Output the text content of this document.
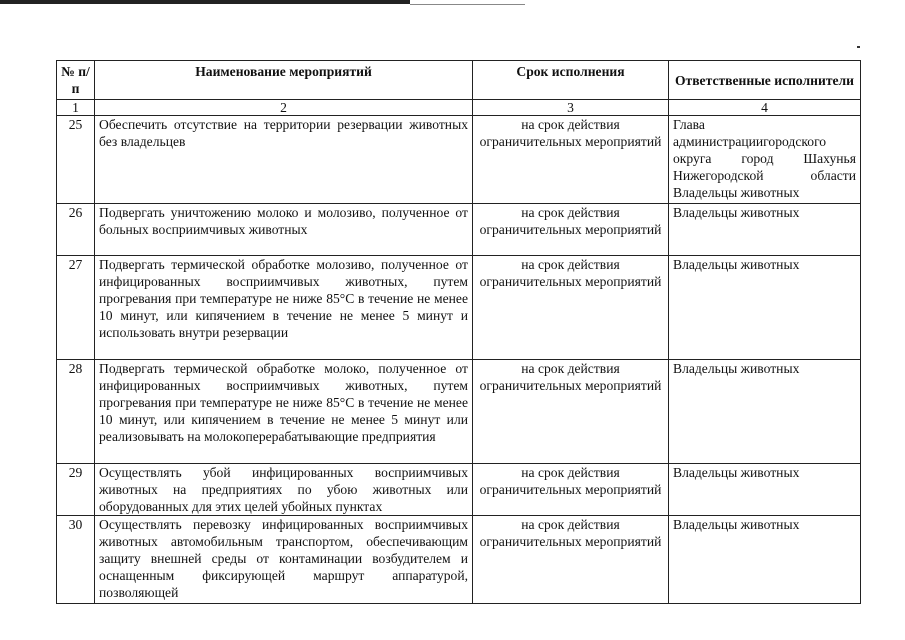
№ п/п	Наименование мероприятий	Срок исполнения	Ответственные исполнители
1	2	3	4
25	Обеспечить отсутствие на территории резервации животных без владельцев	на срок действия ограничительных мероприятий	Глава администрациигородского округа город Шахунья Нижегородской области Владельцы животных
26	Подвергать уничтожению молоко и молозиво, полученное от больных восприимчивых животных	на срок действия ограничительных мероприятий	Владельцы животных
27	Подвергать термической обработке молозиво, полученное от инфицированных восприимчивых животных, путем прогревания при температуре не ниже 85°С в течение не менее 10 минут, или кипячением в течение не менее 5 минут и использовать внутри резервации	на срок действия ограничительных мероприятий	Владельцы животных
28	Подвергать термической обработке молоко, полученное от инфицированных восприимчивых животных, путем прогревания при температуре не ниже 85°С в течение не менее 10 минут, или кипячением в течение не менее 5 минут или реализовывать на молокоперерабатывающие предприятия	на срок действия ограничительных мероприятий	Владельцы животных
29	Осуществлять убой инфицированных восприимчивых животных на предприятиях по убою животных или оборудованных для этих целей убойных пунктах	на срок действия ограничительных мероприятий	Владельцы животных
30	Осуществлять перевозку инфицированных восприимчивых животных автомобильным транспортом, обеспечивающим защиту внешней среды от контаминации возбудителем и оснащенным фиксирующей маршрут аппаратурой, позволяющей	на срок действия ограничительных мероприятий	Владельцы животных
